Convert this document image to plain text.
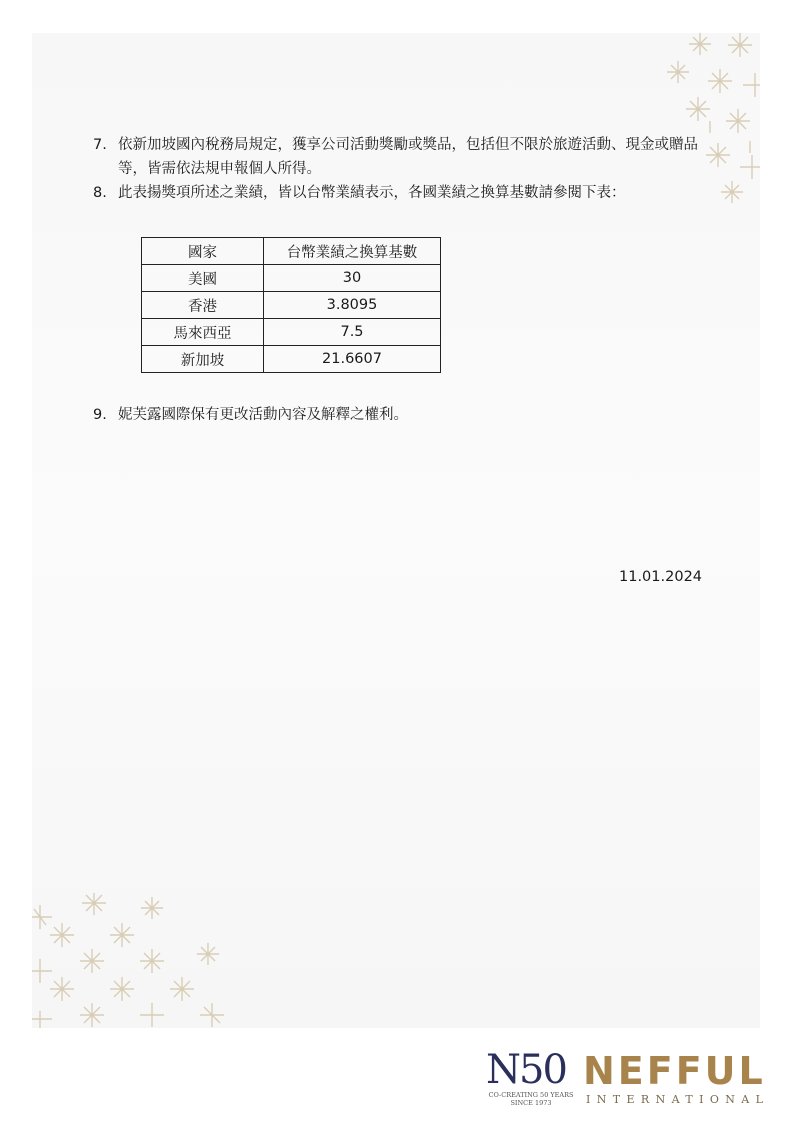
7. 依新加坡國內稅務局規定，獲享公司活動獎勵或獎品，包括但不限於旅遊活動、現金或贈品等，皆需依法規申報個人所得。
8. 此表揚獎項所述之業績，皆以台幣業績表示，各國業績之換算基數請參閱下表：
國家	台幣業績之換算基數
美國	30
香港	3.8095
馬來西亞	7.5
新加坡	21.6607
9. 妮芙露國際保有更改活動內容及解釋之權利。
11.01.2024
N50
CO-CREATING 50 YEARS
SINCE 1973
NEFFUL
INTERNATIONAL
